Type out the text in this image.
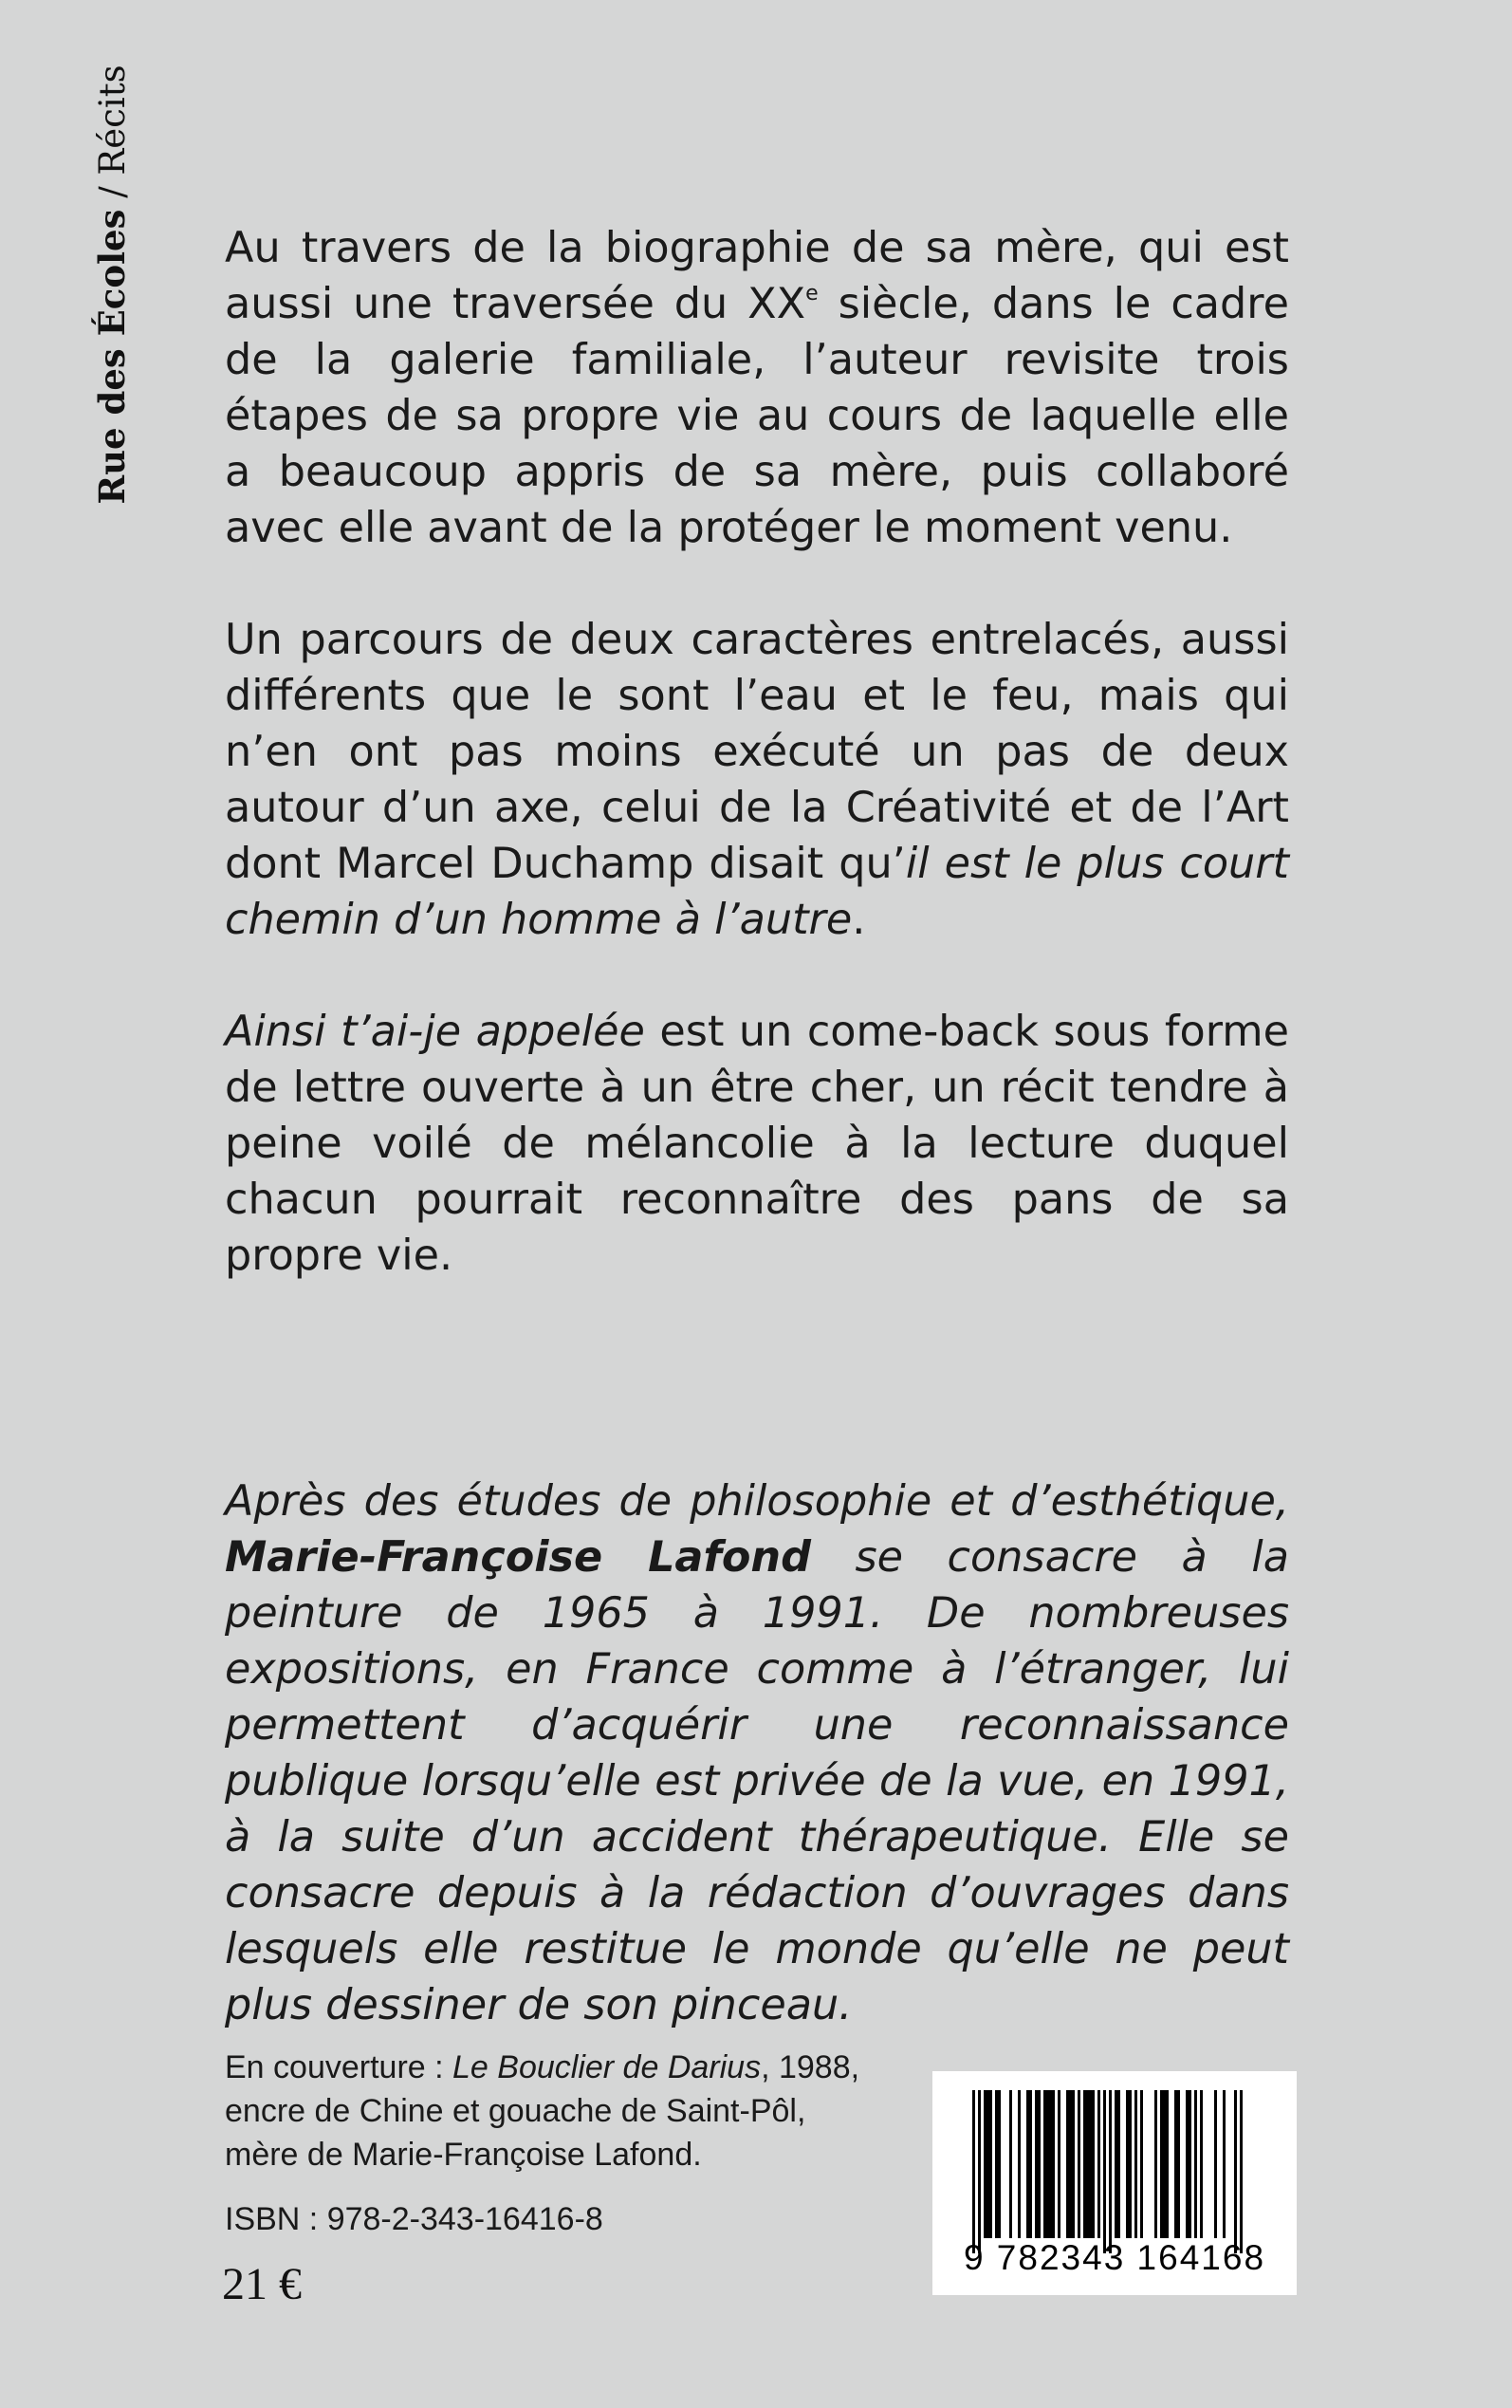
Rue des Écoles / Récits

Au travers de la biographie de sa mère, qui est aussi une traversée du XXe siècle, dans le cadre de la galerie familiale, l’auteur revisite trois étapes de sa propre vie au cours de laquelle elle a beaucoup appris de sa mère, puis collaboré avec elle avant de la protéger le moment venu.

Un parcours de deux caractères entrelacés, aussi différents que le sont l’eau et le feu, mais qui n’en ont pas moins exécuté un pas de deux autour d’un axe, celui de la Créativité et de l’Art dont Marcel Duchamp disait qu’il est le plus court chemin d’un homme à l’autre.

Ainsi t’ai-je appelée est un come-back sous forme de lettre ouverte à un être cher, un récit tendre à peine voilé de mélancolie à la lecture duquel chacun pourrait reconnaître des pans de sa propre vie.

Après des études de philosophie et d’esthétique, Marie-Françoise Lafond se consacre à la peinture de 1965 à 1991. De nombreuses expositions, en France comme à l’étranger, lui permettent d’acquérir une reconnaissance publique lorsqu’elle est privée de la vue, en 1991, à la suite d’un accident thérapeutique. Elle se consacre depuis à la rédaction d’ouvrages dans lesquels elle restitue le monde qu’elle ne peut plus dessiner de son pinceau.

En couverture : Le Bouclier de Darius, 1988,
encre de Chine et gouache de Saint-Pôl,
mère de Marie-Françoise Lafond.
ISBN : 978-2-343-16416-8
21 €
9 782343 164168
